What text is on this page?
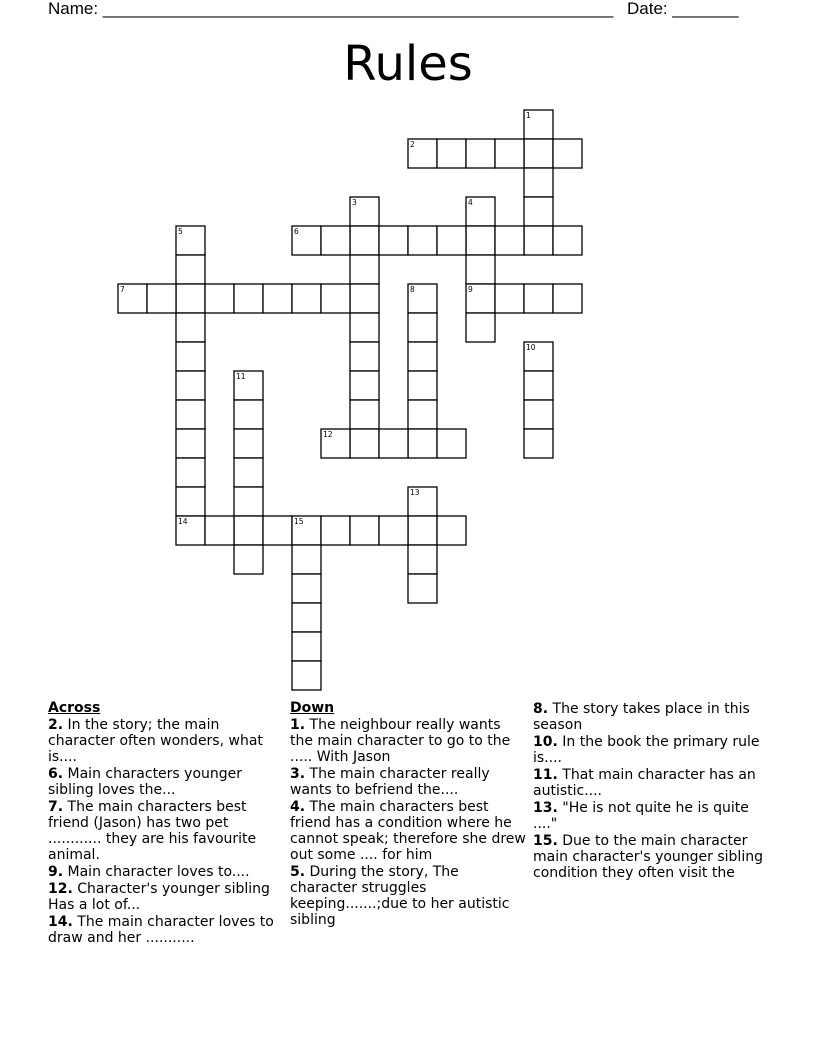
Name: ______________________________________________________ Date: _______
Rules
1
2
3	4
5	6
7	8	9
10
11
12
13
14	15
Across
2. In the story; the main character often wonders, what is....
6. Main characters younger sibling loves the...
7. The main characters best friend (Jason) has two pet ............ they are his favourite animal.
9. Main character loves to....
12. Character's younger sibling Has a lot of...
14. The main character loves to draw and her ...........
Down
1. The neighbour really wants the main character to go to the ..... With Jason
3. The main character really wants to befriend the....
4. The main characters best friend has a condition where he cannot speak; therefore she drew out some .... for him
5. During the story, The character struggles keeping.......;due to her autistic sibling
8. The story takes place in this season
10. In the book the primary rule is....
11. That main character has an autistic....
13. "He is not quite he is quite ...."
15. Due to the main character main character's younger sibling condition they often visit the
